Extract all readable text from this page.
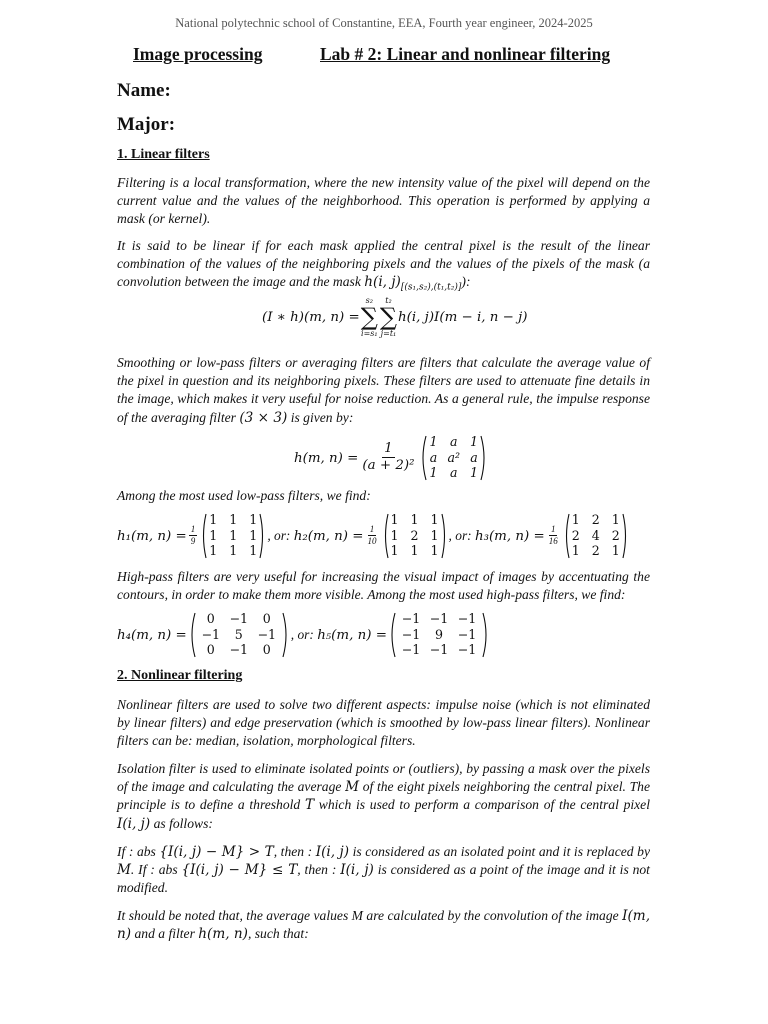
National polytechnic school of Constantine, EEA, Fourth year engineer, 2024-2025
Image processing	Lab # 2: Linear and nonlinear filtering
Name:
Major:
1. Linear filters
Filtering is a local transformation, where the new intensity value of the pixel will depend on the current value and the values of the neighborhood. This operation is performed by applying a mask (or kernel).
It is said to be linear if for each mask applied the central pixel is the result of the linear combination of the values of the neighboring pixels and the values of the pixels of the mask (a convolution between the image and the mask h(i, $j)_{[(s_1,s_2),(t_1,t_2)]}$):
(I ∗ h)(m, n) =
s₂
∑
i=s₁
t₂
∑
j=t₁
h(i, j)I(m − i, n − j)
Smoothing or low-pass filters or averaging filters are filters that calculate the average value of the pixel in question and its neighboring pixels. These filters are used to attenuate fine details in the image, which makes it very useful for noise reduction. As a general rule, the impulse response of the averaging filter (3 × 3) is given by:
h(m, $n) = \frac{1}{\text{(a + 2)²}}$
1 a 1
a a² a
1 a 1
Among the most used low-pass filters, we find:
h₁(m, $n) = \frac{1}{9}$
1 1 1
1 1 1
1 1 1
, or:
h₂(m, $n) = \frac{1}{10}$
1 1 1
1 2 1
1 1 1
, or:
h₃(m, $n) = \frac{1}{16}$
1 2 1
2 4 2
1 2 1
High-pass filters are very useful for increasing the visual impact of images by accentuating the contours, in order to make them more visible. Among the most used high-pass filters, we find:
h₄(m, n) =
0	−1	0
−1	5	−1
0	−1	0
, or:
h₅(m, n) =
−1 −1 −1
−1	9	−1
−1 −1 −1
2. Nonlinear filtering
Nonlinear filters are used to solve two different aspects: impulse noise (which is not eliminated by linear filters) and edge preservation (which is smoothed by low-pass linear filters). Nonlinear filters can be: median, isolation, morphological filters.
Isolation filter is used to eliminate isolated points or (outliers), by passing a mask over the pixels of the image and calculating the average M of the eight pixels neighboring the central pixel. The principle is to define a threshold T which is used to perform a comparison of the central pixel I(i, j) as follows:
If : abs {I(i, j) − M} > T, then : I(i, j) is considered as an isolated point and it is replaced by M. If : abs {I(i, j) − M} ≤ T, then : I(i, j) is considered as a point of the image and it is not modified.
It should be noted that, the average values M are calculated by the convolution of the image I(m, n) and a filter h(m, n), such that:
